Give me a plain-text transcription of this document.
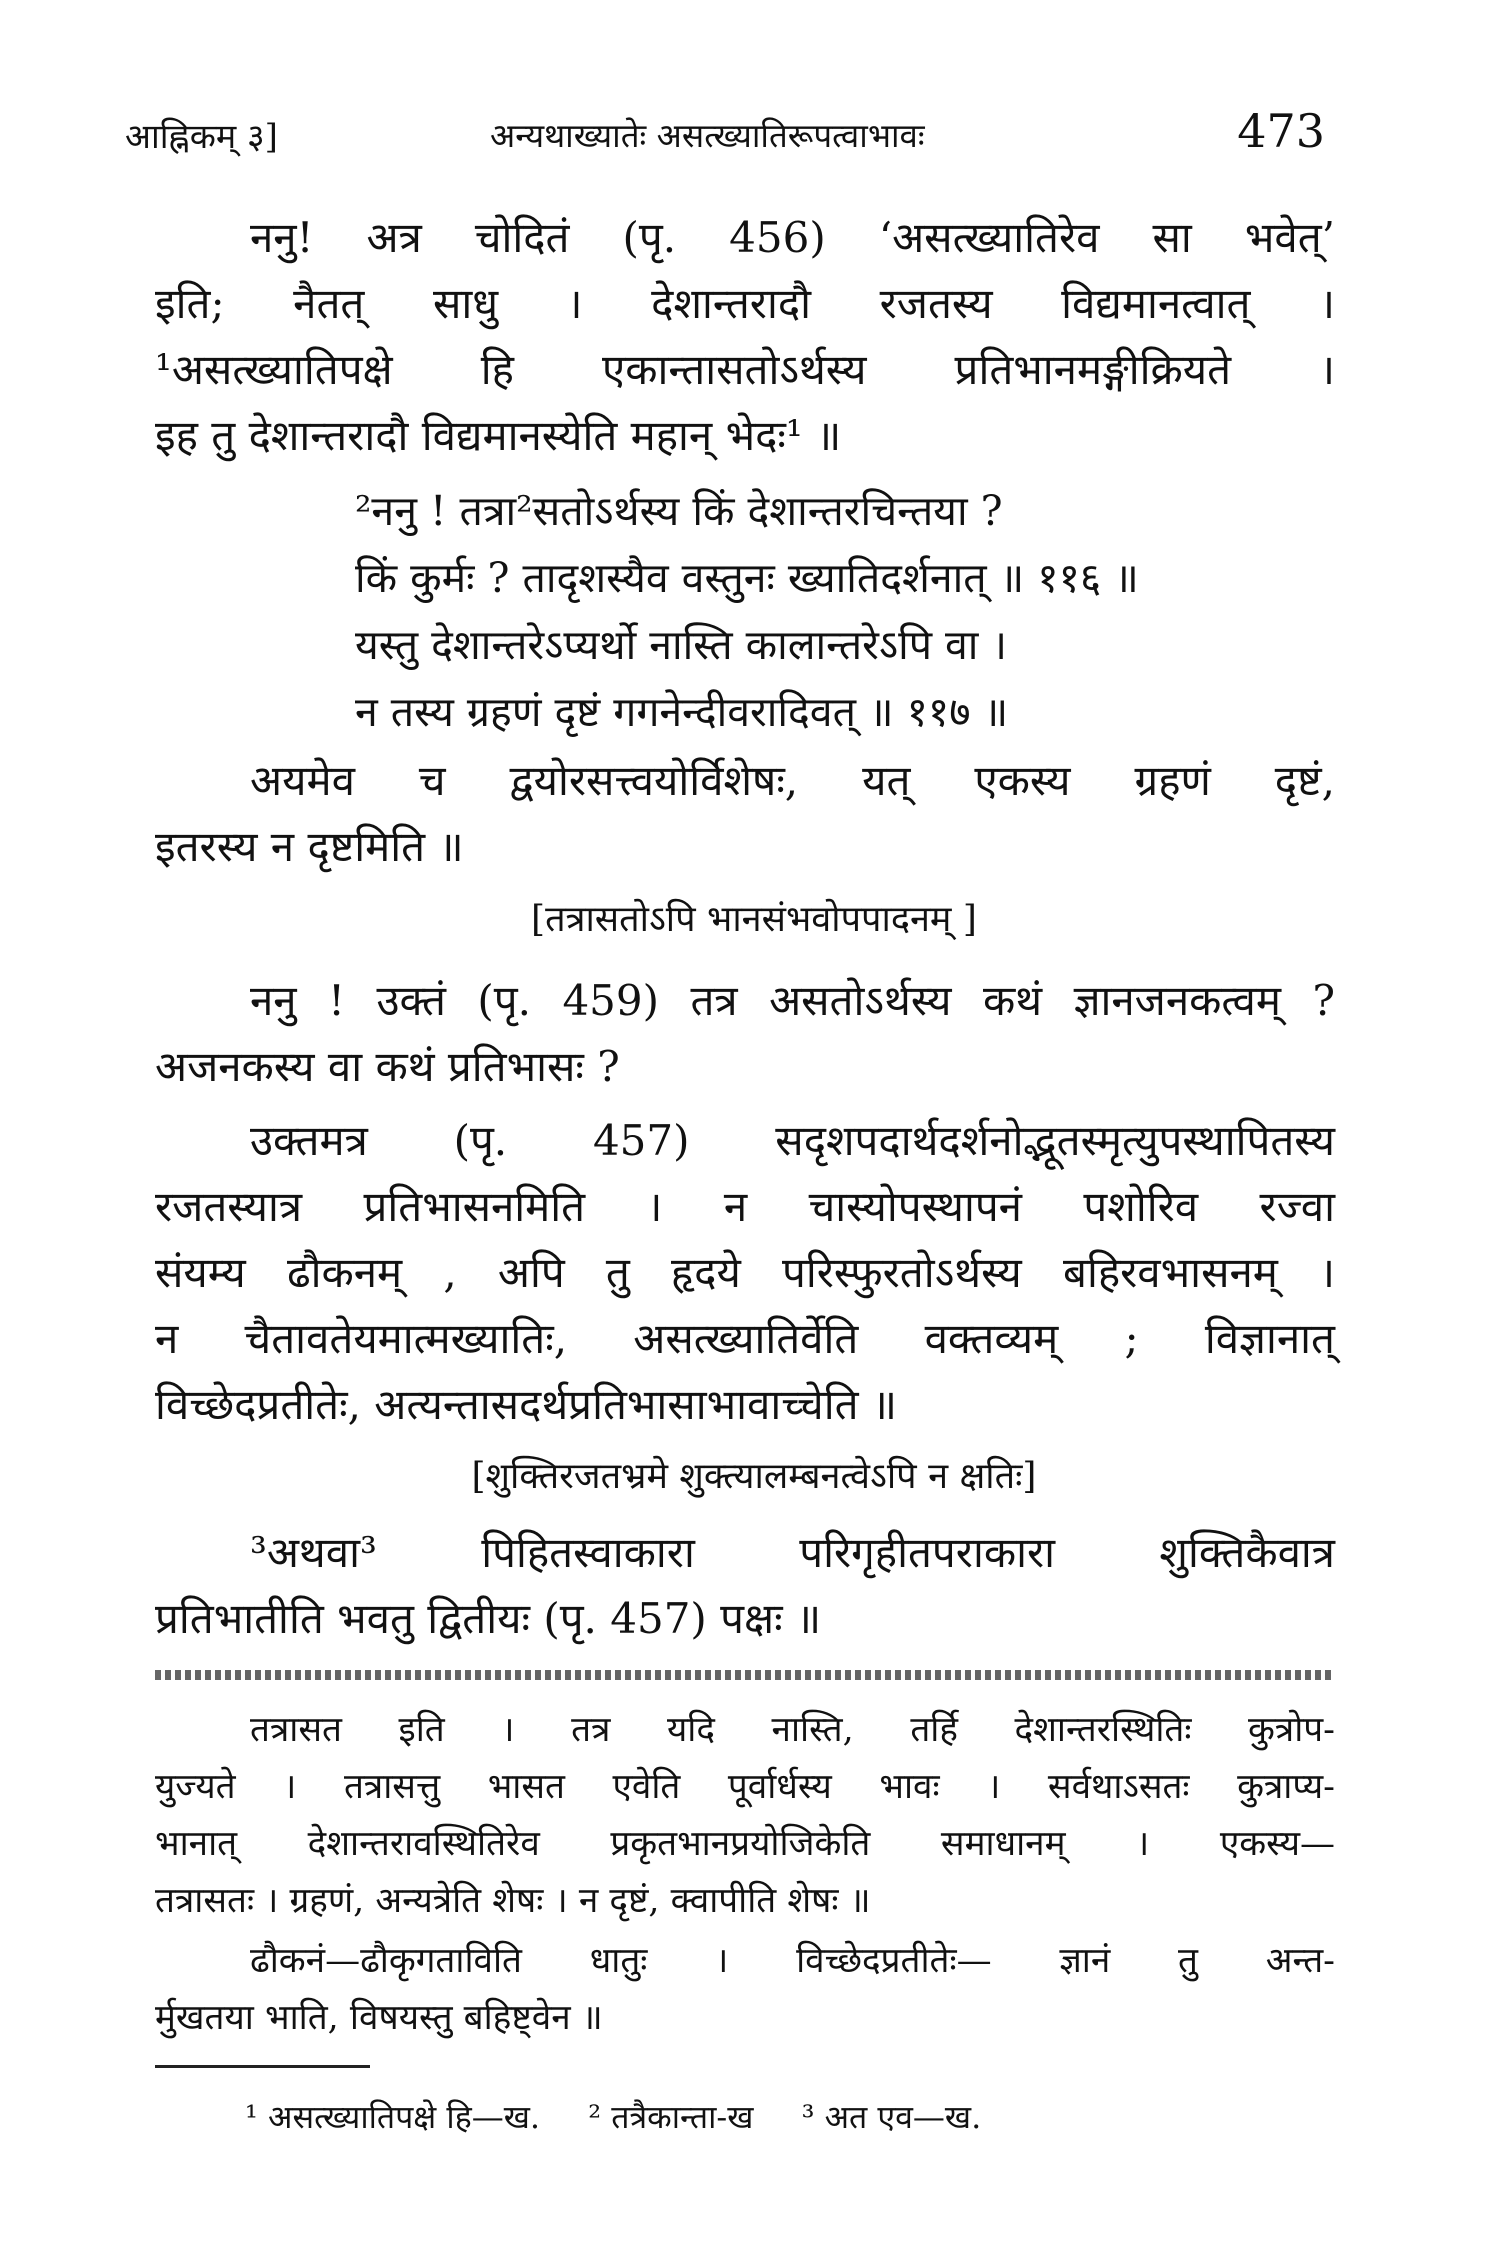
आह्निकम् ३]	अन्यथाख्यातेः असत्ख्यातिरूपत्वाभावः	473
ननु! अत्र चोदितं (पृ. 456) ‘असत्ख्यातिरेव सा भवेत्’
इति; नैतत् साधु । देशान्तरादौ रजतस्य विद्यमानत्वात् ।
¹असत्ख्यातिपक्षे हि एकान्तासतोऽर्थस्य प्रतिभानमङ्गीक्रियते ।
इह तु देशान्तरादौ विद्यमानस्येति महान् भेदः¹ ॥
²ननु ! तत्रा²सतोऽर्थस्य किं देशान्तरचिन्तया ?
किं कुर्मः ? तादृशस्यैव वस्तुनः ख्यातिदर्शनात् ॥ ११६ ॥
यस्तु देशान्तरेऽप्यर्थो नास्ति कालान्तरेऽपि वा ।
न तस्य ग्रहणं दृष्टं गगनेन्दीवरादिवत् ॥ ११७ ॥
अयमेव च द्वयोरसत्त्वयोर्विशेषः, यत् एकस्य ग्रहणं दृष्टं,
इतरस्य न दृष्टमिति ॥
[तत्रासतोऽपि भानसंभवोपपादनम् ]
ननु ! उक्तं (पृ. 459) तत्र असतोऽर्थस्य कथं ज्ञानजनकत्वम् ?
अजनकस्य वा कथं प्रतिभासः ?
उक्तमत्र (पृ. 457) सदृशपदार्थदर्शनोद्भूतस्मृत्युपस्थापितस्य
रजतस्यात्र प्रतिभासनमिति । न चास्योपस्थापनं पशोरिव रज्वा
संयम्य ढौकनम् , अपि तु हृदये परिस्फुरतोऽर्थस्य बहिरवभासनम् ।
न चैतावतेयमात्मख्यातिः, असत्ख्यातिर्वेति वक्तव्यम् ; विज्ञानात्
विच्छेदप्रतीतेः, अत्यन्तासदर्थप्रतिभासाभावाच्चेति ॥
[शुक्तिरजतभ्रमे शुक्त्यालम्बनत्वेऽपि न क्षतिः]
³अथवा³ पिहितस्वाकारा परिगृहीतपराकारा शुक्तिकैवात्र
प्रतिभातीति भवतु द्वितीयः (पृ. 457) पक्षः ॥
तत्रासत इति । तत्र यदि नास्ति, तर्हि देशान्तरस्थितिः कुत्रोप-
युज्यते । तत्रासत्तु भासत एवेति पूर्वार्धस्य भावः । सर्वथाऽसतः कुत्राप्य-
भानात् देशान्तरावस्थितिरेव प्रकृतभानप्रयोजिकेति समाधानम् । एकस्य—
तत्रासतः । ग्रहणं, अन्यत्रेति शेषः । न दृष्टं, क्वापीति शेषः ॥
ढौकनं—ढौकृगताविति धातुः । विच्छेदप्रतीतेः— ज्ञानं तु अन्त-
र्मुखतया भाति, विषयस्तु बहिष्ट्वेन ॥
¹ असत्ख्यातिपक्षे हि—ख. ² तत्रैकान्ता-ख ³ अत एव—ख.
